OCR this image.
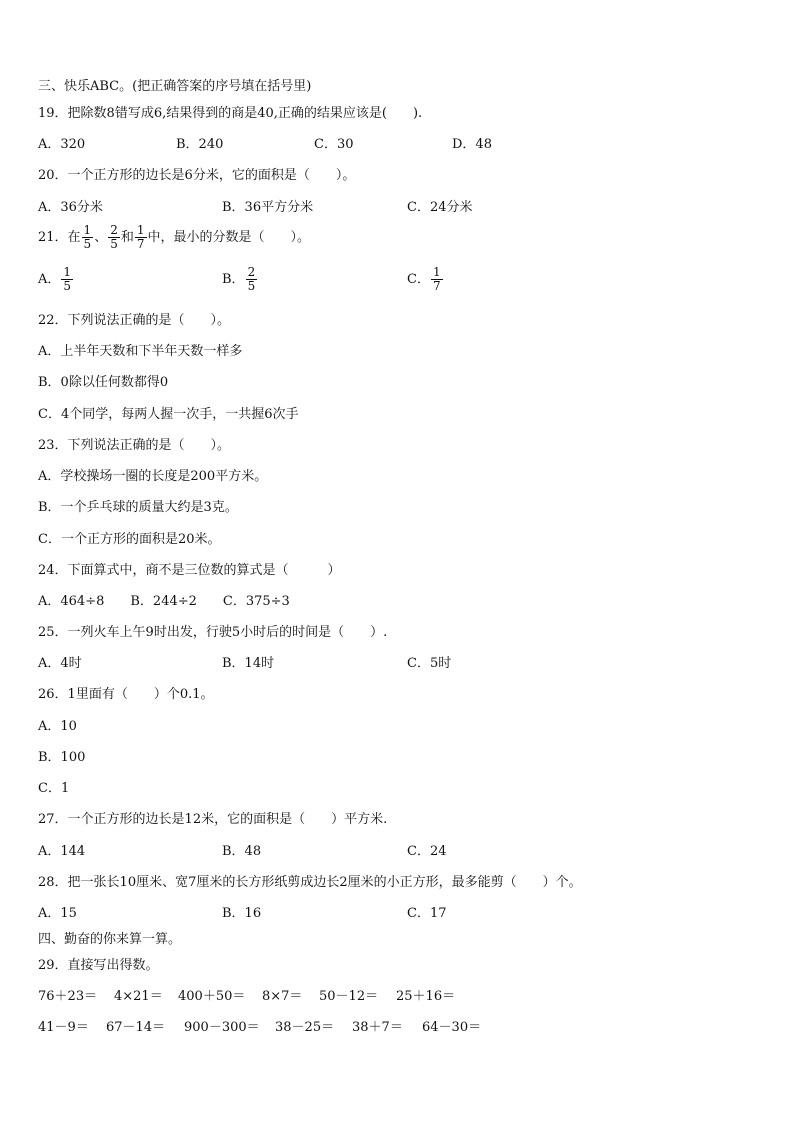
三、快乐ABC。(把正确答案的序号填在括号里)
19．把除数8错写成6,结果得到的商是40,正确的结果应该是(　　).
A．320	B．240	C．30	D．48
20．一个正方形的边长是6分米，它的面积是（　　）。
A．36分米	B．36平方分米	C．24分米
21．在 $\frac{1}{5}$ 、 $\frac{2}{5}$ 和 $\frac{1}{7}$ 中，最小的分数是（　　）。
A． $\frac{1}{5}$	B． $\frac{2}{5}$	C． $\frac{1}{7}$
22．下列说法正确的是（　　）。
A．上半年天数和下半年天数一样多
B．0除以任何数都得0
C．4个同学，每两人握一次手，一共握6次手
23．下列说法正确的是（　　）。
A．学校操场一圈的长度是200平方米。
B．一个乒乓球的质量大约是3克。
C．一个正方形的面积是20米。
24．下面算式中，商不是三位数的算式是（　　　）
A．464÷8　　B．244÷2　　C．375÷3
25．一列火车上午9时出发，行驶5小时后的时间是（　　）.
A．4时	B．14时	C．5时
26．1里面有（　　）个0.1。
A．10
B．100
C．1
27．一个正方形的边长是12米，它的面积是（　　）平方米.
A．144	B．48	C．24
28．把一张长10厘米、宽7厘米的长方形纸剪成边长2厘米的小正方形，最多能剪（　　）个。
A．15	B．16	C．17
四、勤奋的你来算一算。
29．直接写出得数。
76＋23＝ 4×21＝ 400＋50＝ 8×7＝ 50－12＝ 25＋16＝
41－9＝ 67－14＝ 900－300＝ 38－25＝ 38＋7＝ 64－30＝
